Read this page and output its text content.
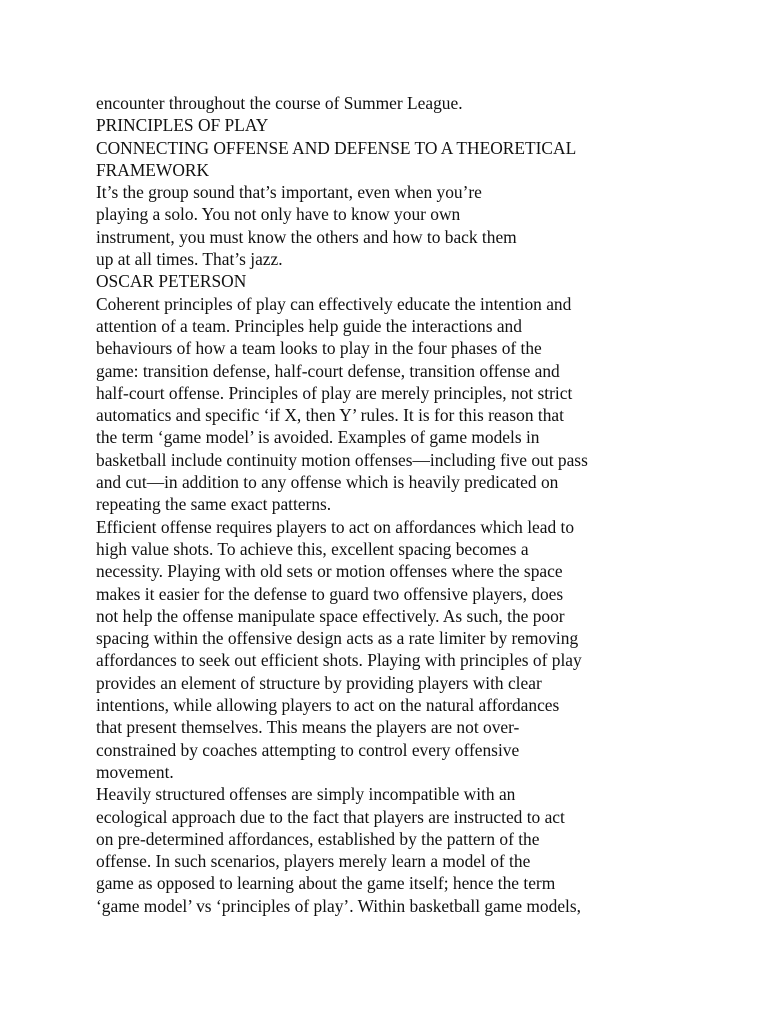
encounter throughout the course of Summer League.
PRINCIPLES OF PLAY
CONNECTING OFFENSE AND DEFENSE TO A THEORETICAL
FRAMEWORK
It’s the group sound that’s important, even when you’re
playing a solo. You not only have to know your own
instrument, you must know the others and how to back them
up at all times. That’s jazz.
OSCAR PETERSON
Coherent principles of play can effectively educate the intention and
attention of a team. Principles help guide the interactions and
behaviours of how a team looks to play in the four phases of the
game: transition defense, half-court defense, transition offense and
half-court offense. Principles of play are merely principles, not strict
automatics and specific ‘if X, then Y’ rules. It is for this reason that
the term ‘game model’ is avoided. Examples of game models in
basketball include continuity motion offenses—including five out pass
and cut—in addition to any offense which is heavily predicated on
repeating the same exact patterns.
Efficient offense requires players to act on affordances which lead to
high value shots. To achieve this, excellent spacing becomes a
necessity. Playing with old sets or motion offenses where the space
makes it easier for the defense to guard two offensive players, does
not help the offense manipulate space effectively. As such, the poor
spacing within the offensive design acts as a rate limiter by removing
affordances to seek out efficient shots. Playing with principles of play
provides an element of structure by providing players with clear
intentions, while allowing players to act on the natural affordances
that present themselves. This means the players are not over-
constrained by coaches attempting to control every offensive
movement.
Heavily structured offenses are simply incompatible with an
ecological approach due to the fact that players are instructed to act
on pre-determined affordances, established by the pattern of the
offense. In such scenarios, players merely learn a model of the
game as opposed to learning about the game itself; hence the term
‘game model’ vs ‘principles of play’. Within basketball game models,
